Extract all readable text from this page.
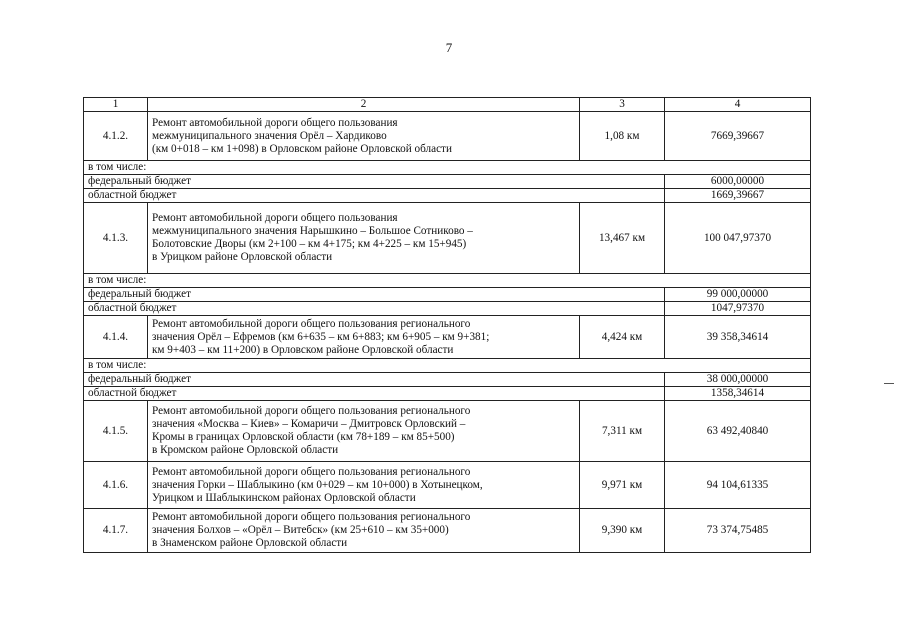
7
1	2	3	4
4.1.2.	Ремонт автомобильной дороги общего пользования
межмуниципального значения Орёл – Хардиково
(км 0+018 – км 1+098) в Орловском районе Орловской области	1,08 км	7669,39667
в том числе:			
федеральный бюджет			6000,00000
областной бюджет			1669,39667
4.1.3.	Ремонт автомобильной дороги общего пользования
межмуниципального значения Нарышкино – Большое Сотниково –
Болотовские Дворы (км 2+100 – км 4+175; км 4+225 – км 15+945)
в Урицком районе Орловской области	13,467 км	100 047,97370
в том числе:			
федеральный бюджет			99 000,00000
областной бюджет			1047,97370
4.1.4.	Ремонт автомобильной дороги общего пользования регионального
значения Орёл – Ефремов (км 6+635 – км 6+883; км 6+905 – км 9+381;
км 9+403 – км 11+200) в Орловском районе Орловской области	4,424 км	39 358,34614
в том числе:			
федеральный бюджет			38 000,00000
областной бюджет			1358,34614
4.1.5.	Ремонт автомобильной дороги общего пользования регионального
значения «Москва – Киев» – Комаричи – Дмитровск Орловский –
Кромы в границах Орловской области (км 78+189 – км 85+500)
в Кромском районе Орловской области	7,311 км	63 492,40840
4.1.6.	Ремонт автомобильной дороги общего пользования регионального
значения Горки – Шаблыкино (км 0+029 – км 10+000) в Хотынецком,
Урицком и Шаблыкинском районах Орловской области	9,971 км	94 104,61335
4.1.7.	Ремонт автомобильной дороги общего пользования регионального
значения Болхов – «Орёл – Витебск» (км 25+610 – км 35+000)
в Знаменском районе Орловской области	9,390 км	73 374,75485
